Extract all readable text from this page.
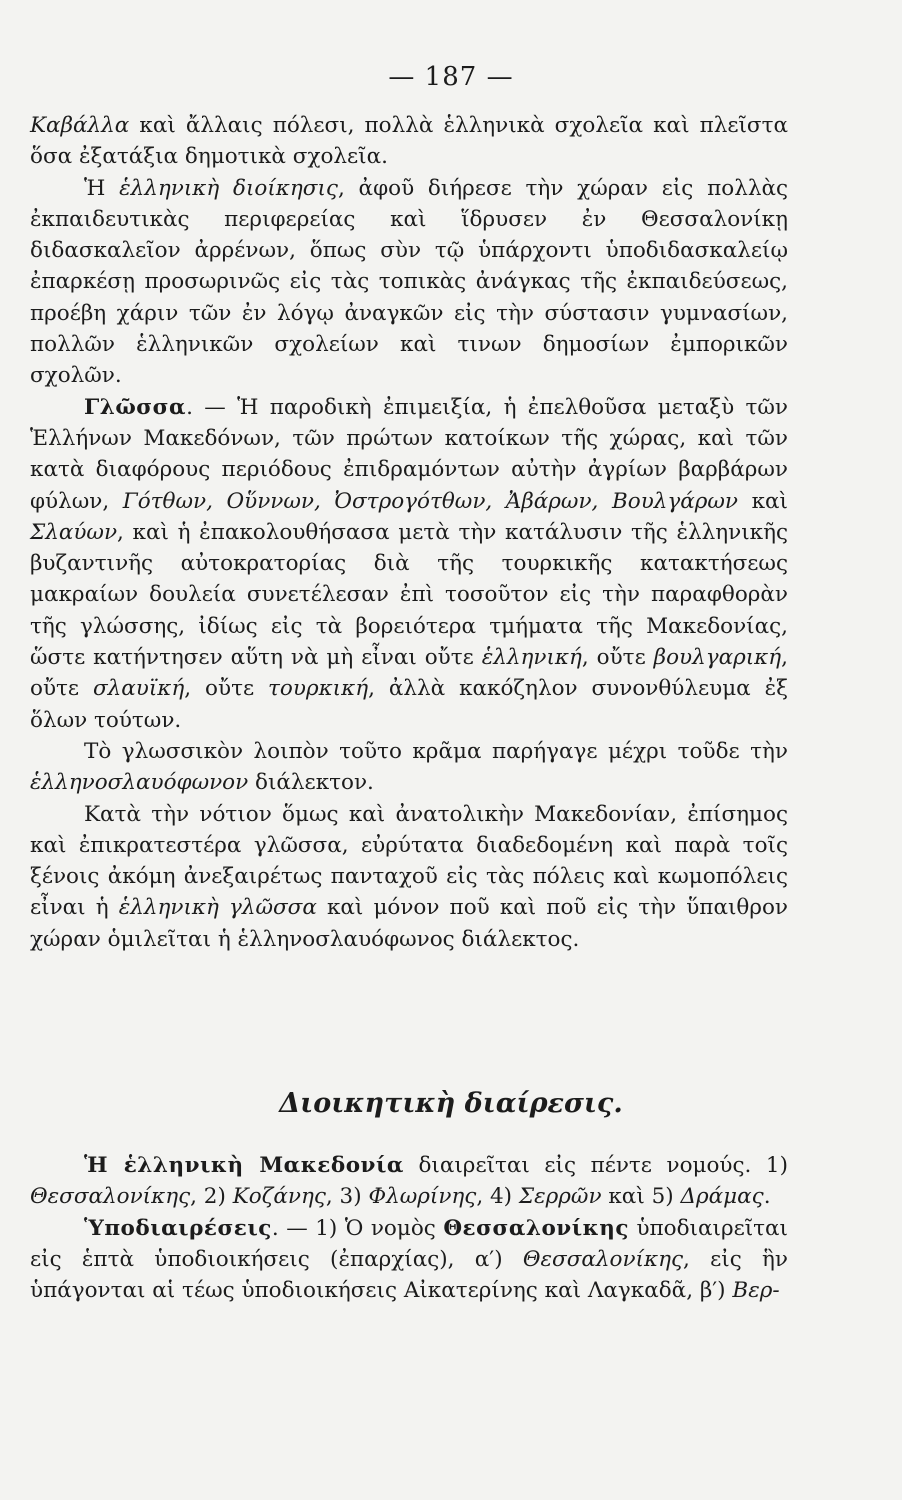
— 187 —

Καβάλλα καὶ ἄλλαις πόλεσι, πολλὰ ἑλληνικὰ σχολεῖα καὶ πλεῖστα ὅσα ἐξατάξια δημοτικὰ σχολεῖα.

Ἡ ἑλληνικὴ διοίκησις, ἀφοῦ διήρεσε τὴν χώραν εἰς πολλὰς ἐκπαιδευτικὰς περιφερείας καὶ ἵδρυσεν ἐν Θεσσαλονίκῃ διδασκαλεῖον ἀρρένων, ὅπως σὺν τῷ ὑπάρχοντι ὑποδιδασκαλείῳ ἐπαρκέσῃ προσωρινῶς εἰς τὰς τοπικὰς ἀνάγκας τῆς ἐκπαιδεύσεως, προέβη χάριν τῶν ἐν λόγῳ ἀναγκῶν εἰς τὴν σύστασιν γυμνασίων, πολλῶν ἑλληνικῶν σχολείων καὶ τινων δημοσίων ἐμπορικῶν σχολῶν.

Γλῶσσα. — Ἡ παροδικὴ ἐπιμειξία, ἡ ἐπελθοῦσα μεταξὺ τῶν Ἑλλήνων Μακεδόνων, τῶν πρώτων κατοίκων τῆς χώρας, καὶ τῶν κατὰ διαφόρους περιόδους ἐπιδραμόντων αὐτὴν ἀγρίων βαρβάρων φύλων, Γότθων, Οὕννων, Ὀστρογότθων, Ἀβάρων, Βουλγάρων καὶ Σλαύων, καὶ ἡ ἐπακολουθήσασα μετὰ τὴν κατάλυσιν τῆς ἑλληνικῆς βυζαντινῆς αὐτοκρατορίας διὰ τῆς τουρκικῆς κατακτήσεως μακραίων δουλεία συνετέλεσαν ἐπὶ τοσοῦτον εἰς τὴν παραφθορὰν τῆς γλώσσης, ἰδίως εἰς τὰ βορειότερα τμήματα τῆς Μακεδονίας, ὥστε κατήντησεν αὕτη νὰ μὴ εἶναι οὔτε ἑλληνική, οὔτε βουλγαρική, οὔτε σλαυϊκή, οὔτε τουρκική, ἀλλὰ κακόζηλον συνονθύλευμα ἐξ ὅλων τούτων.

Τὸ γλωσσικὸν λοιπὸν τοῦτο κρᾶμα παρήγαγε μέχρι τοῦδε τὴν ἑλληνοσλαυόφωνον διάλεκτον.

Κατὰ τὴν νότιον ὅμως καὶ ἀνατολικὴν Μακεδονίαν, ἐπίσημος καὶ ἐπικρατεστέρα γλῶσσα, εὐρύτατα διαδεδομένη καὶ παρὰ τοῖς ξένοις ἀκόμη ἀνεξαιρέτως πανταχοῦ εἰς τὰς πόλεις καὶ κωμοπόλεις εἶναι ἡ ἑλληνικὴ γλῶσσα καὶ μόνον ποῦ καὶ ποῦ εἰς τὴν ὕπαιθρον χώραν ὁμιλεῖται ἡ ἑλληνοσλαυόφωνος διάλεκτος.

Διοικητικὴ διαίρεσις.

Ἡ ἑλληνικὴ Μακεδονία διαιρεῖται εἰς πέντε νομούς. 1) Θεσσαλονίκης, 2) Κοζάνης, 3) Φλωρίνης, 4) Σερρῶν καὶ 5) Δράμας.

Ὑποδιαιρέσεις. — 1) Ὁ νομὸς Θεσσαλονίκης ὑποδιαιρεῖται εἰς ἑπτὰ ὑποδιοικήσεις (ἐπαρχίας), α′) Θεσσαλονίκης, εἰς ἣν ὑπάγονται αἱ τέως ὑποδιοικήσεις Αἰκατερίνης καὶ Λαγκαδᾶ, β′) Βερ-
